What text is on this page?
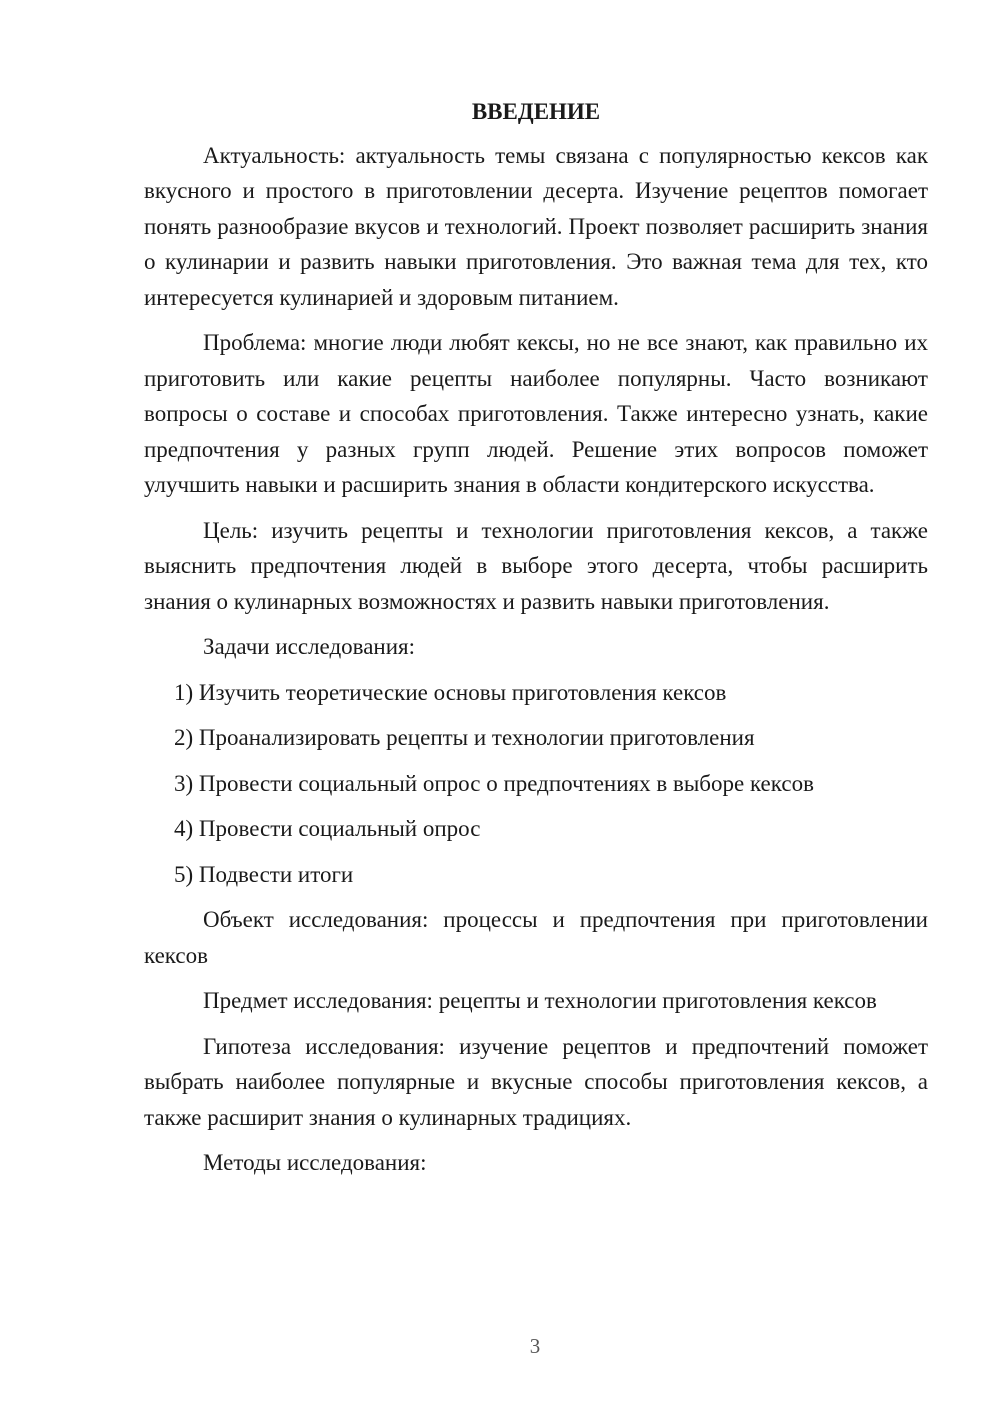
ВВЕДЕНИЕ

Актуальность: актуальность темы связана с популярностью кексов как вкусного и простого в приготовлении десерта. Изучение рецептов помогает понять разнообразие вкусов и технологий. Проект позволяет расширить знания о кулинарии и развить навыки приготовления. Это важная тема для тех, кто интересуется кулинарией и здоровым питанием.

Проблема: многие люди любят кексы, но не все знают, как правильно их приготовить или какие рецепты наиболее популярны. Часто возникают вопросы о составе и способах приготовления. Также интересно узнать, какие предпочтения у разных групп людей. Решение этих вопросов поможет улучшить навыки и расширить знания в области кондитерского искусства.

Цель: изучить рецепты и технологии приготовления кексов, а также выяснить предпочтения людей в выборе этого десерта, чтобы расширить знания о кулинарных возможностях и развить навыки приготовления.

Задачи исследования:

1) Изучить теоретические основы приготовления кексов
2) Проанализировать рецепты и технологии приготовления
3) Провести социальный опрос о предпочтениях в выборе кексов
4) Провести социальный опрос
5) Подвести итоги

Объект исследования: процессы и предпочтения при приготовлении кексов

Предмет исследования: рецепты и технологии приготовления кексов

Гипотеза исследования: изучение рецептов и предпочтений поможет выбрать наиболее популярные и вкусные способы приготовления кексов, а также расширит знания о кулинарных традициях.

Методы исследования:

3
